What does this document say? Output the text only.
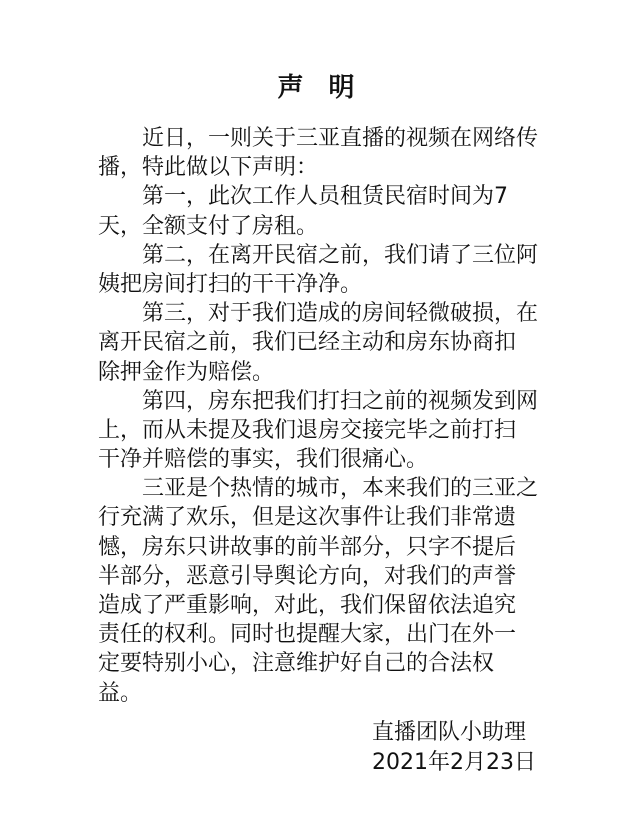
声 明
近日，一则关于三亚直播的视频在网络传
播，特此做以下声明：
第一，此次工作人员租赁民宿时间为7
天，全额支付了房租。
第二，在离开民宿之前，我们请了三位阿
姨把房间打扫的干干净净。
第三，对于我们造成的房间轻微破损，在
离开民宿之前，我们已经主动和房东协商扣
除押金作为赔偿。
第四，房东把我们打扫之前的视频发到网
上，而从未提及我们退房交接完毕之前打扫
干净并赔偿的事实，我们很痛心。
三亚是个热情的城市，本来我们的三亚之
行充满了欢乐，但是这次事件让我们非常遗
憾，房东只讲故事的前半部分，只字不提后
半部分，恶意引导舆论方向，对我们的声誉
造成了严重影响，对此，我们保留依法追究
责任的权利。同时也提醒大家，出门在外一
定要特别小心，注意维护好自己的合法权
益。
直播团队小助理
2021年2月23日
